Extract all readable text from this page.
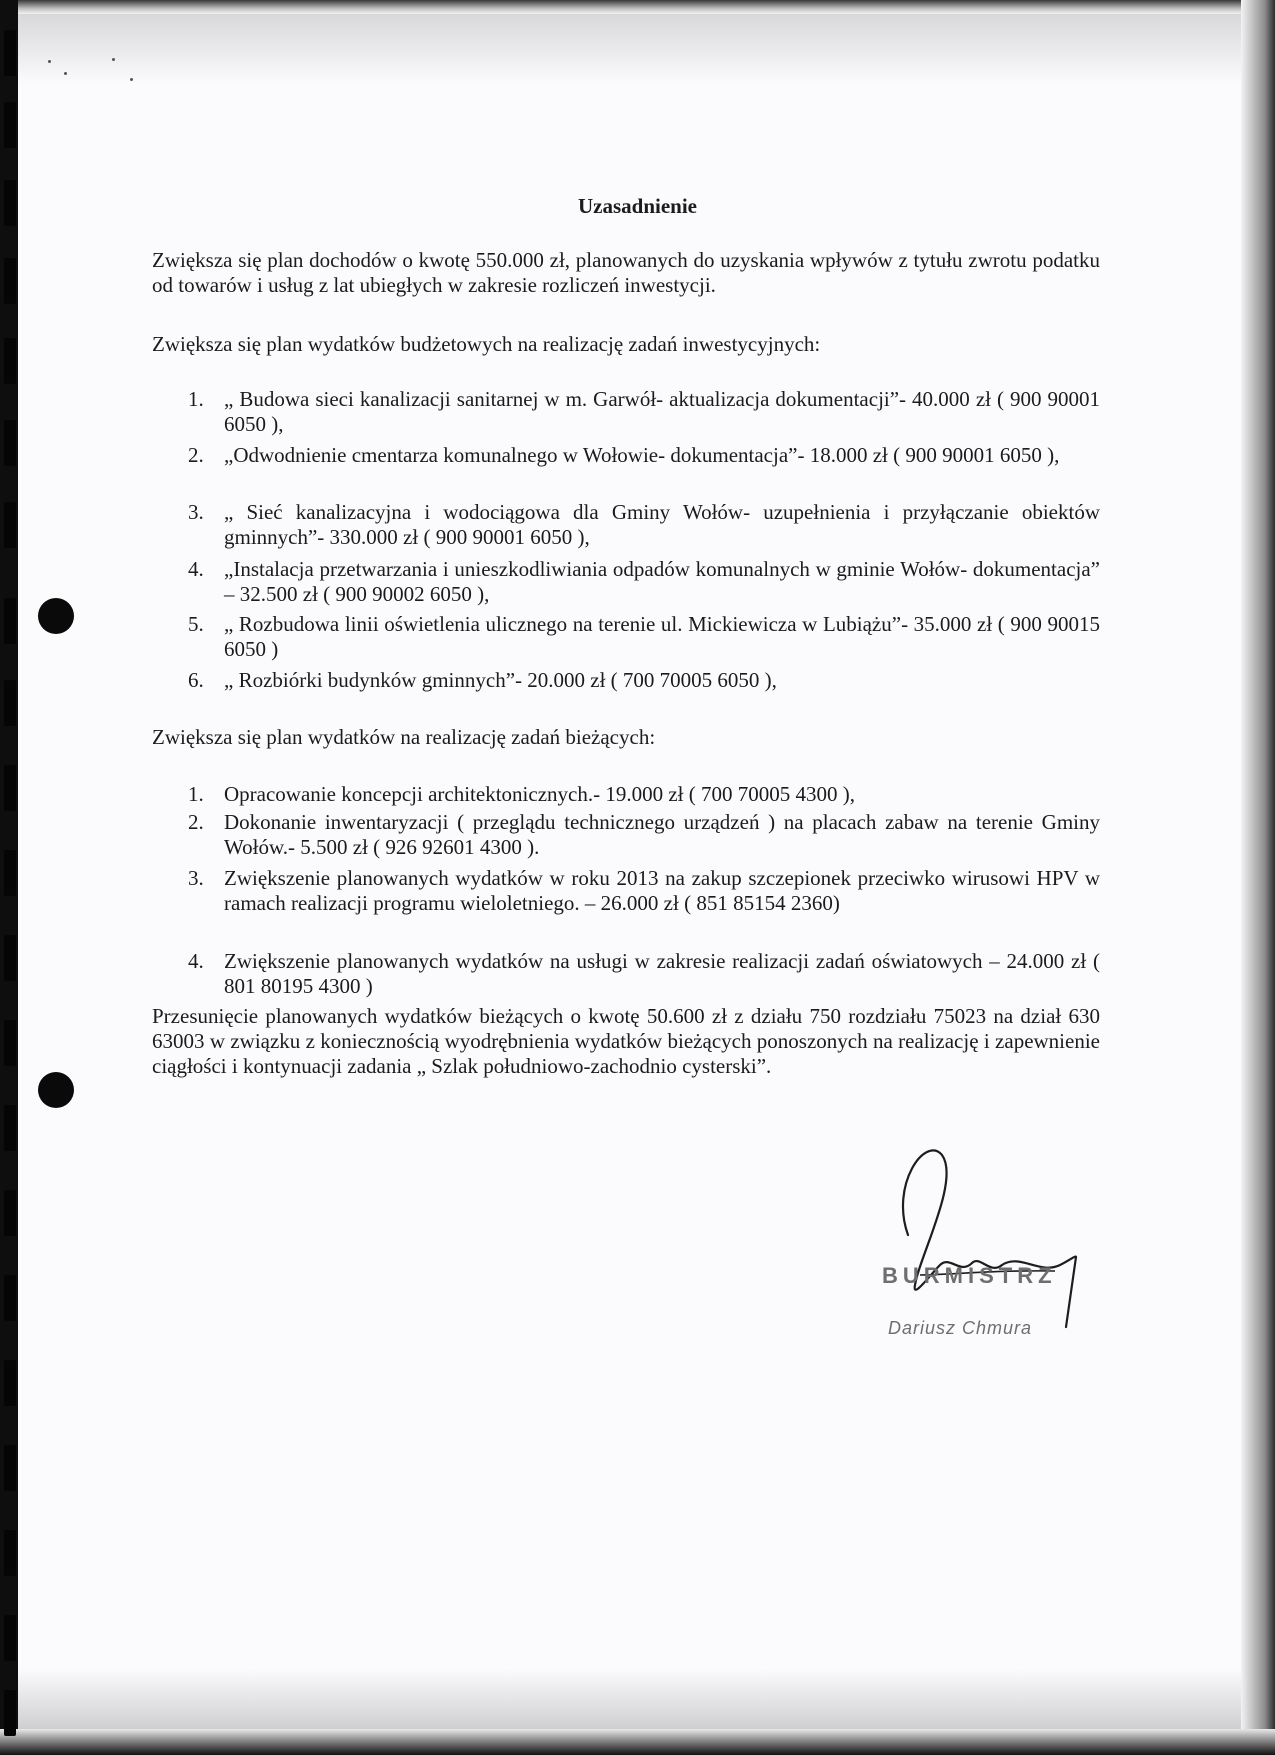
Uzasadnienie
Zwiększa się plan dochodów o kwotę 550.000 zł, planowanych do uzyskania wpływów z tytułu zwrotu podatku od towarów i usług z lat ubiegłych w zakresie rozliczeń inwestycji.
Zwiększa się plan wydatków budżetowych na realizację zadań inwestycyjnych:
1. „ Budowa sieci kanalizacji sanitarnej w m. Garwół- aktualizacja dokumentacji”- 40.000 zł ( 900 90001 6050 ),
2. „Odwodnienie cmentarza komunalnego w Wołowie- dokumentacja”- 18.000 zł ( 900 90001 6050 ),
3. „ Sieć kanalizacyjna i wodociągowa dla Gminy Wołów- uzupełnienia i przyłączanie obiektów gminnych”- 330.000 zł ( 900 90001 6050 ),
4. „Instalacja przetwarzania i unieszkodliwiania odpadów komunalnych w gminie Wołów- dokumentacja” – 32.500 zł ( 900 90002 6050 ),
5. „ Rozbudowa linii oświetlenia ulicznego na terenie ul. Mickiewicza w Lubiążu”- 35.000 zł ( 900 90015 6050 )
6. „ Rozbiórki budynków gminnych”- 20.000 zł ( 700 70005 6050 ),
Zwiększa się plan wydatków na realizację zadań bieżących:
1. Opracowanie koncepcji architektonicznych.- 19.000 zł ( 700 70005 4300 ),
2. Dokonanie inwentaryzacji ( przeglądu technicznego urządzeń ) na placach zabaw na terenie Gminy Wołów.- 5.500 zł ( 926 92601 4300 ).
3. Zwiększenie planowanych wydatków w roku 2013 na zakup szczepionek przeciwko wirusowi HPV w ramach realizacji programu wieloletniego. – 26.000 zł ( 851 85154 2360)
4. Zwiększenie planowanych wydatków na usługi w zakresie realizacji zadań oświatowych – 24.000 zł ( 801 80195 4300 )
Przesunięcie planowanych wydatków bieżących o kwotę 50.600 zł z działu 750 rozdziału 75023 na dział 630 63003 w związku z koniecznością wyodrębnienia wydatków bieżących ponoszonych na realizację i zapewnienie ciągłości i kontynuacji zadania „ Szlak południowo-zachodnio cysterski”.
BURMISTRZ
Dariusz Chmura
